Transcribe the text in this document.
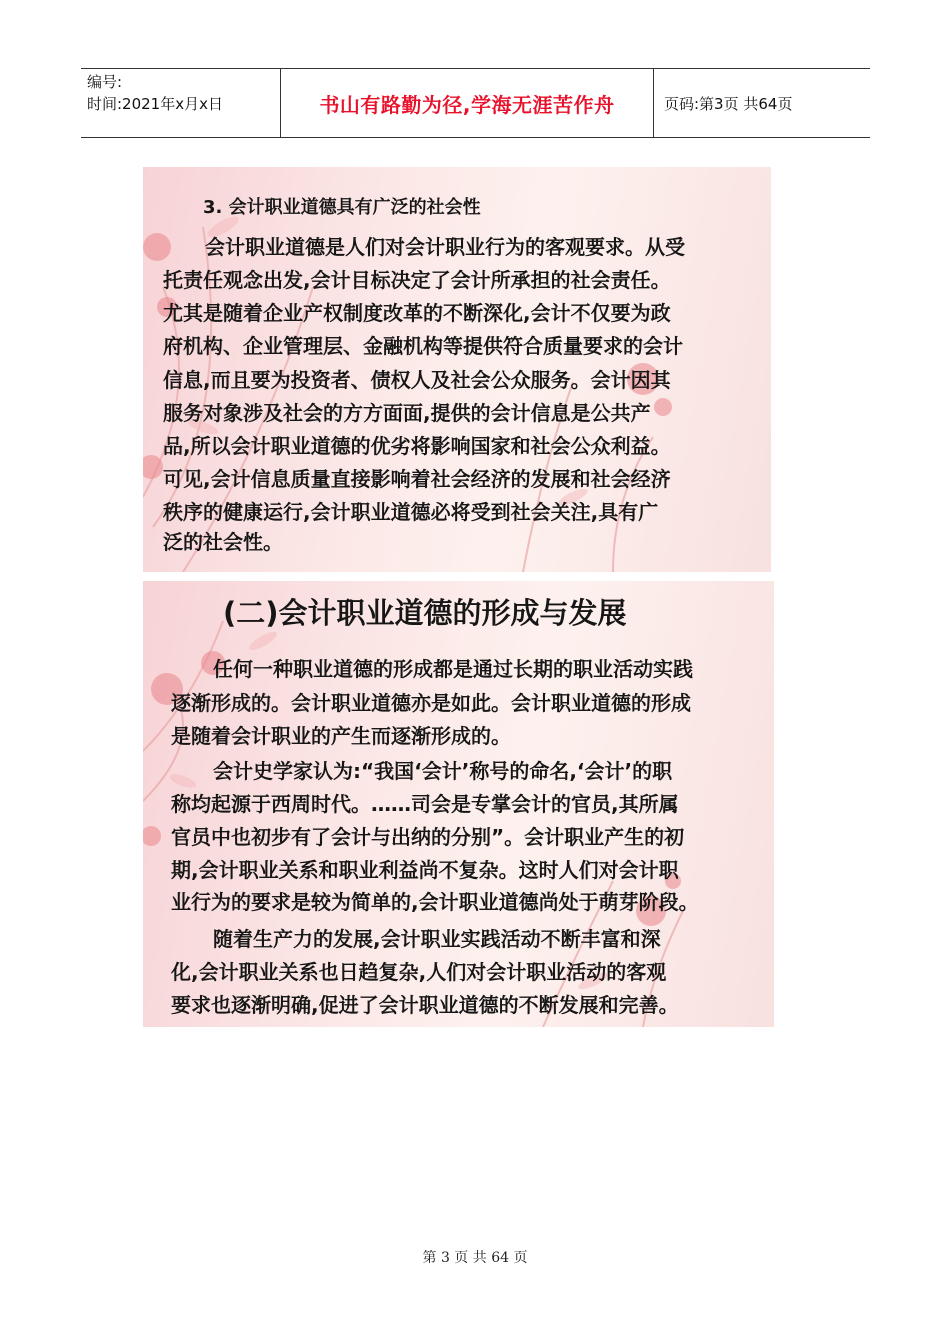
编号:
时间:2021年x月x日	书山有路勤为径,学海无涯苦作舟	页码:第3页 共64页
3. 会计职业道德具有广泛的社会性
会计职业道德是人们对会计职业行为的客观要求。从受
托责任观念出发,会计目标决定了会计所承担的社会责任。
尤其是随着企业产权制度改革的不断深化,会计不仅要为政
府机构、企业管理层、金融机构等提供符合质量要求的会计
信息,而且要为投资者、债权人及社会公众服务。会计因其
服务对象涉及社会的方方面面,提供的会计信息是公共产
品,所以会计职业道德的优劣将影响国家和社会公众利益。
可见,会计信息质量直接影响着社会经济的发展和社会经济
秩序的健康运行,会计职业道德必将受到社会关注,具有广
泛的社会性。
(二)会计职业道德的形成与发展
任何一种职业道德的形成都是通过长期的职业活动实践
逐渐形成的。会计职业道德亦是如此。会计职业道德的形成
是随着会计职业的产生而逐渐形成的。
会计史学家认为:“我国‘会计’称号的命名,‘会计’的职
称均起源于西周时代。……司会是专掌会计的官员,其所属
官员中也初步有了会计与出纳的分别”。会计职业产生的初
期,会计职业关系和职业利益尚不复杂。这时人们对会计职
业行为的要求是较为简单的,会计职业道德尚处于萌芽阶段。
随着生产力的发展,会计职业实践活动不断丰富和深
化,会计职业关系也日趋复杂,人们对会计职业活动的客观
要求也逐渐明确,促进了会计职业道德的不断发展和完善。
第 3 页 共 64 页
